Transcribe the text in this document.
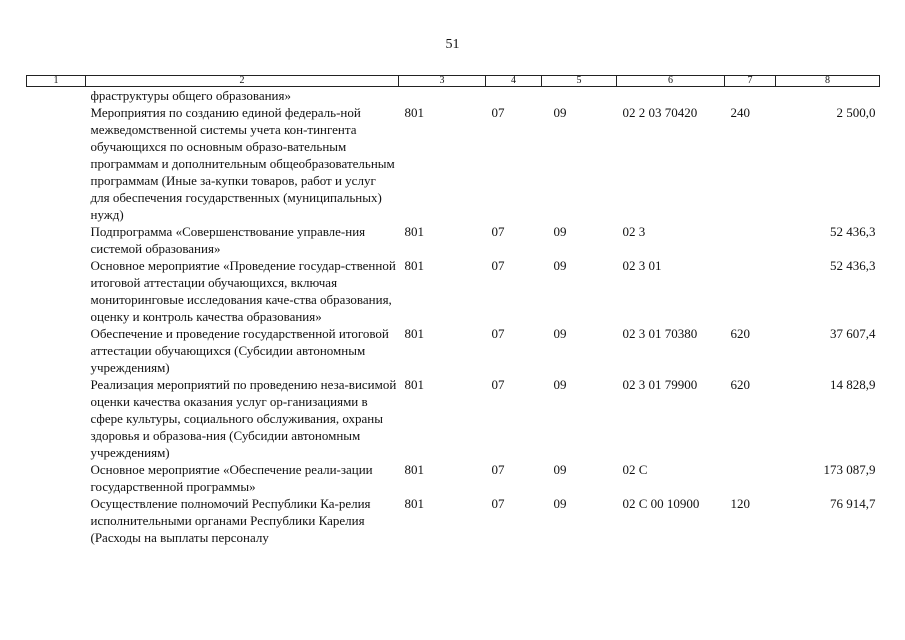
51
1	2	3	4	5	6	7	8
	фраструктуры общего образования»						
	Мероприятия по созданию единой федераль-ной межведомственной системы учета кон-тингента обучающихся по основным образо-вательным программам и дополнительным общеобразовательным программам (Иные за-купки товаров, работ и услуг для обеспечения государственных (муниципальных) нужд)	801	07	09	02 2 03 70420	240	2 500,0
	Подпрограмма «Совершенствование управле-ния системой образования»	801	07	09	02 3		52 436,3
	Основное мероприятие «Проведение государ-ственной итоговой аттестации обучающихся, включая мониторинговые исследования каче-ства образования, оценку и контроль качества образования»	801	07	09	02 3 01		52 436,3
	Обеспечение и проведение государственной итоговой аттестации обучающихся (Субсидии автономным учреждениям)	801	07	09	02 3 01 70380	620	37 607,4
	Реализация мероприятий по проведению неза-висимой оценки качества оказания услуг ор-ганизациями в сфере культуры, социального обслуживания, охраны здоровья и образова-ния (Субсидии автономным учреждениям)	801	07	09	02 3 01 79900	620	14 828,9
	Основное мероприятие «Обеспечение реали-зации государственной программы»	801	07	09	02 С		173 087,9
	Осуществление полномочий Республики Ка-релия исполнительными органами Республики Карелия (Расходы на выплаты персоналу	801	07	09	02 С 00 10900	120	76 914,7
